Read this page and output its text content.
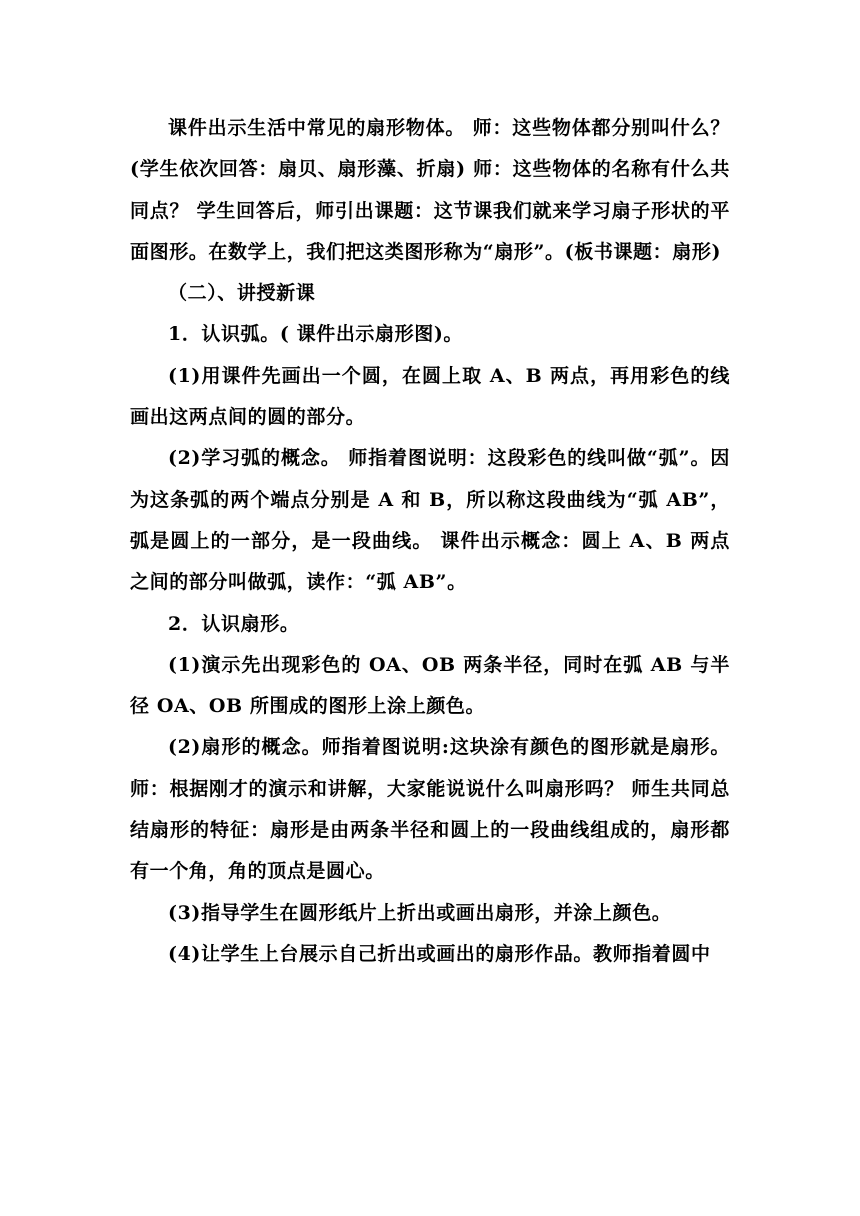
课件出示生活中常见的扇形物体。 师：这些物体都分别叫什么？(学生依次回答：扇贝、扇形藻、折扇) 师：这些物体的名称有什么共同点？ 学生回答后，师引出课题：这节课我们就来学习扇子形状的平面图形。在数学上，我们把这类图形称为“扇形”。(板书课题：扇形)

（二）、讲授新课

1．认识弧。( 课件出示扇形图)。

(1)用课件先画出一个圆，在圆上取 A、B 两点，再用彩色的线画出这两点间的圆的部分。

(2)学习弧的概念。 师指着图说明：这段彩色的线叫做“弧”。因为这条弧的两个端点分别是 A 和 B，所以称这段曲线为“弧 AB”，弧是圆上的一部分，是一段曲线。 课件出示概念：圆上 A、B 两点之间的部分叫做弧，读作：“弧 AB”。

2．认识扇形。

(1)演示先出现彩色的 OA、OB 两条半径，同时在弧 AB 与半径 OA、OB 所围成的图形上涂上颜色。

(2)扇形的概念。师指着图说明:这块涂有颜色的图形就是扇形。师：根据刚才的演示和讲解，大家能说说什么叫扇形吗？ 师生共同总结扇形的特征：扇形是由两条半径和圆上的一段曲线组成的，扇形都有一个角，角的顶点是圆心。

(3)指导学生在圆形纸片上折出或画出扇形，并涂上颜色。

(4)让学生上台展示自己折出或画出的扇形作品。教师指着圆中
